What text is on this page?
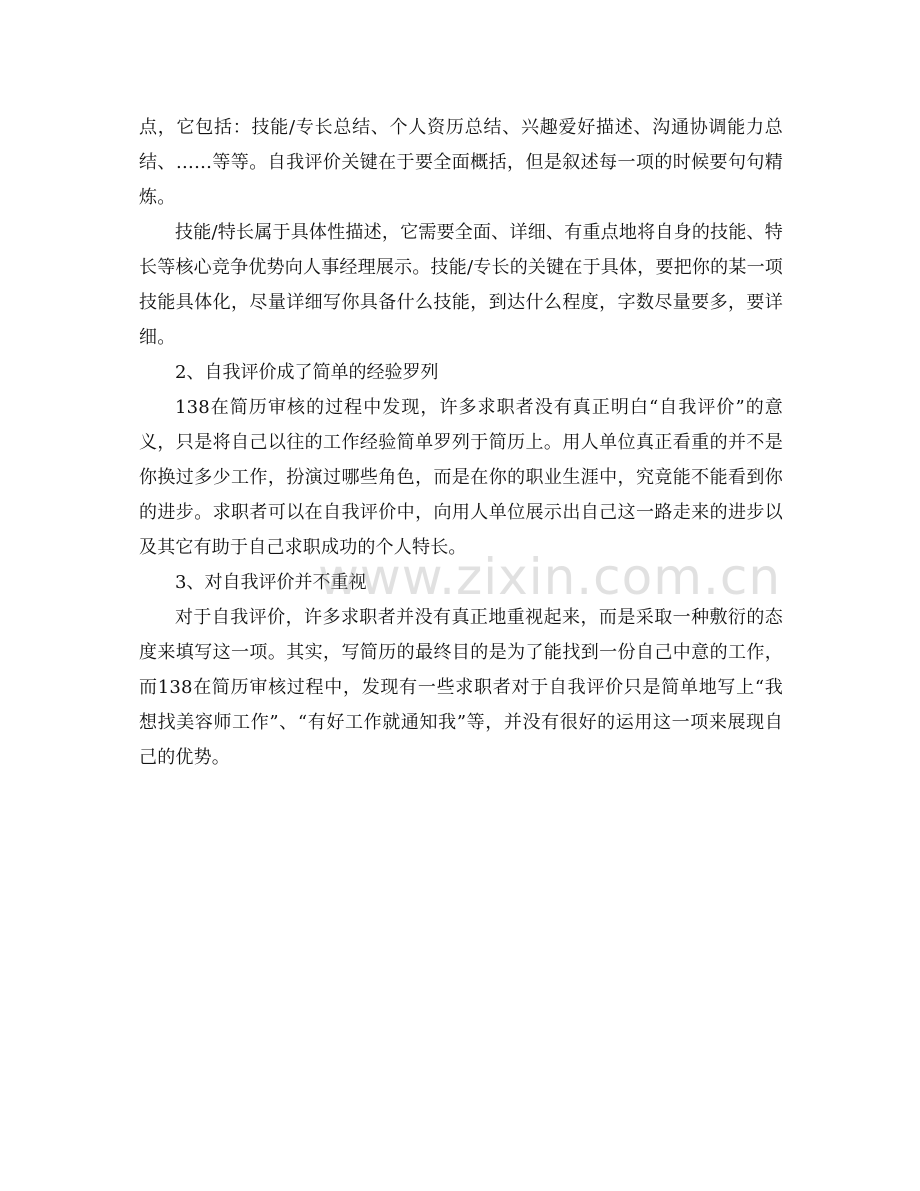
点，它包括：技能/专长总结、个人资历总结、兴趣爱好描述、沟通协调能力总结、……等等。自我评价关键在于要全面概括，但是叙述每一项的时候要句句精炼。

技能/特长属于具体性描述，它需要全面、详细、有重点地将自身的技能、特长等核心竞争优势向人事经理展示。技能/专长的关键在于具体，要把你的某一项技能具体化，尽量详细写你具备什么技能，到达什么程度，字数尽量要多，要详细。

2、自我评价成了简单的经验罗列

138在简历审核的过程中发现，许多求职者没有真正明白“自我评价”的意义，只是将自己以往的工作经验简单罗列于简历上。用人单位真正看重的并不是你换过多少工作，扮演过哪些角色，而是在你的职业生涯中，究竟能不能看到你的进步。求职者可以在自我评价中，向用人单位展示出自己这一路走来的进步以及其它有助于自己求职成功的个人特长。

3、对自我评价并不重视

对于自我评价，许多求职者并没有真正地重视起来，而是采取一种敷衍的态度来填写这一项。其实，写简历的最终目的是为了能找到一份自己中意的工作，而138在简历审核过程中，发现有一些求职者对于自我评价只是简单地写上“我想找美容师工作”、“有好工作就通知我”等，并没有很好的运用这一项来展现自己的优势。

www.zixin.com.cn
